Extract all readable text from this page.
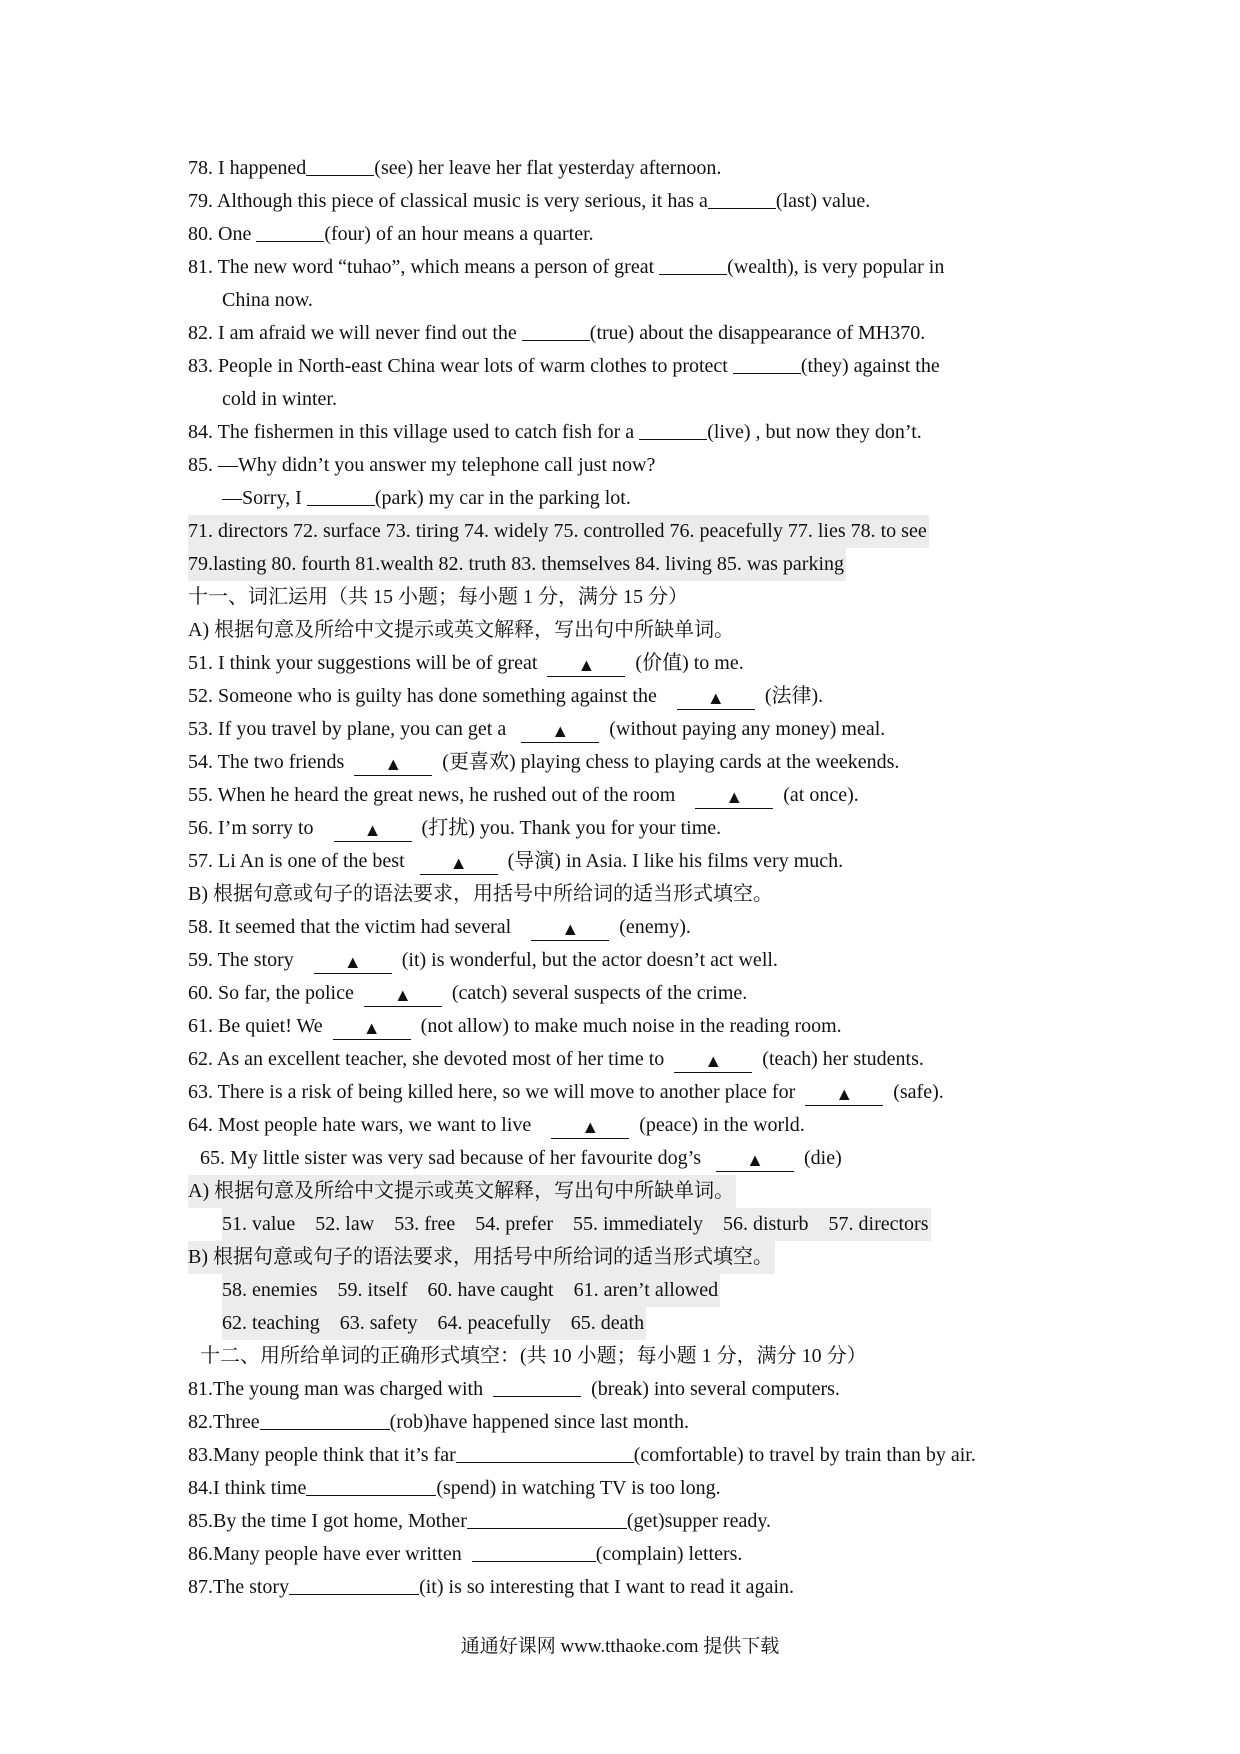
78. I happened	(see) her leave her flat yesterday afternoon.
79. Although this piece of classical music is very serious, it has a	(last) value.
80. One	(four) of an hour means a quarter.
81. The new word “tuhao”, which means a person of great	(wealth), is very popular in
China now.
82. I am afraid we will never find out the	(true) about the disappearance of MH370.
83. People in North-east China wear lots of warm clothes to protect	(they) against the
cold in winter.
84. The fishermen in this village used to catch fish for a	(live) , but now they don’t.
85. —Why didn’t you answer my telephone call just now?
—Sorry, I	(park) my car in the parking lot.
71. directors 72. surface 73. tiring 74. widely 75. controlled 76. peacefully 77. lies 78. to see
79.lasting 80. fourth 81.wealth 82. truth 83. themselves 84. living 85. was parking
十一、词汇运用（共 15 小题；每小题 1 分，满分 15 分）
A) 根据句意及所给中文提示或英文解释，写出句中所缺单词。
51. I think your suggestions will be of great ▲ (价值) to me.
52. Someone who is guilty has done something against the	▲ (法律).
53. If you travel by plane, you can get a	▲ (without paying any money) meal.
54. The two friends ▲ (更喜欢) playing chess to playing cards at the weekends.
55. When he heard the great news, he rushed out of the room	▲ (at once).
56. I’m sorry to	▲ (打扰) you. Thank you for your time.
57. Li An is one of the best	▲ (导演) in Asia. I like his films very much.
B) 根据句意或句子的语法要求，用括号中所给词的适当形式填空。
58. It seemed that the victim had several	▲ (enemy).
59. The story	▲ (it) is wonderful, but the actor doesn’t act well.
60. So far, the police ▲ (catch) several suspects of the crime.
61. Be quiet! We ▲ (not allow) to make much noise in the reading room.
62. As an excellent teacher, she devoted most of her time to ▲ (teach) her students.
63. There is a risk of being killed here, so we will move to another place for ▲ (safe).
64. Most people hate wars, we want to live	▲ (peace) in the world.
65. My little sister was very sad because of her favourite dog’s	▲ (die)
A) 根据句意及所给中文提示或英文解释，写出句中所缺单词。
51. value    52. law    53. free    54. prefer    55. immediately    56. disturb    57. directors
B) 根据句意或句子的语法要求，用括号中所给词的适当形式填空。
58. enemies    59. itself    60. have caught    61. aren’t allowed
62. teaching    63. safety    64. peacefully    65. death
十二、用所给单词的正确形式填空：(共 10 小题；每小题 1 分，满分 10 分）
81.The young man was charged with	(break) into several computers.
82.Three	(rob)have happened since last month.
83.Many people think that it’s far	(comfortable) to travel by train than by air.
84.I think time	(spend) in watching TV is too long.
85.By the time I got home, Mother	(get)supper ready.
86.Many people have ever written	(complain) letters.
87.The story	(it) is so interesting that I want to read it again.
通通好课网 www.tthaoke.com 提供下载
